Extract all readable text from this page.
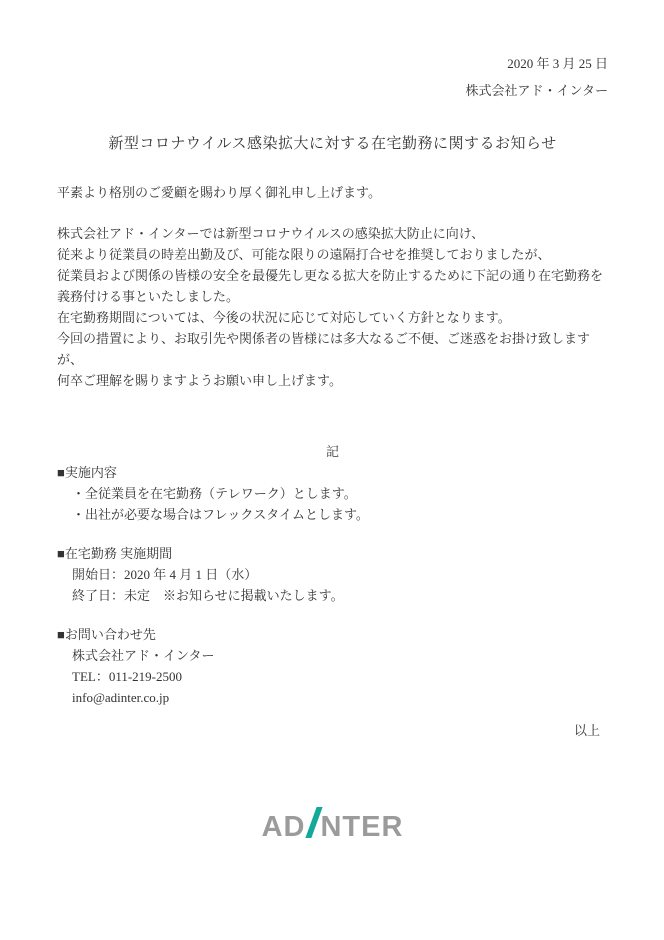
2020 年 3 月 25 日
株式会社アド・インター
新型コロナウイルス感染拡大に対する在宅勤務に関するお知らせ
平素より格別のご愛顧を賜わり厚く御礼申し上げます。
株式会社アド・インターでは新型コロナウイルスの感染拡大防止に向け、
従来より従業員の時差出勤及び、可能な限りの遠隔打合せを推奨しておりましたが、
従業員および関係の皆様の安全を最優先し更なる拡大を防止するために下記の通り在宅勤務を
義務付ける事といたしました。
在宅勤務期間については、今後の状況に応じて対応していく方針となります。
今回の措置により、お取引先や関係者の皆様には多大なるご不便、ご迷惑をお掛け致しますが、
何卒ご理解を賜りますようお願い申し上げます。
記
■実施内容
・全従業員を在宅勤務（テレワーク）とします。
・出社が必要な場合はフレックスタイムとします。
■在宅勤務 実施期間
開始日：2020 年 4 月 1 日（水）
終了日：未定　※お知らせに掲載いたします。
■お問い合わせ先
株式会社アド・インター
TEL：011-219-2500
info@adinter.co.jp
以上
AD NTER
